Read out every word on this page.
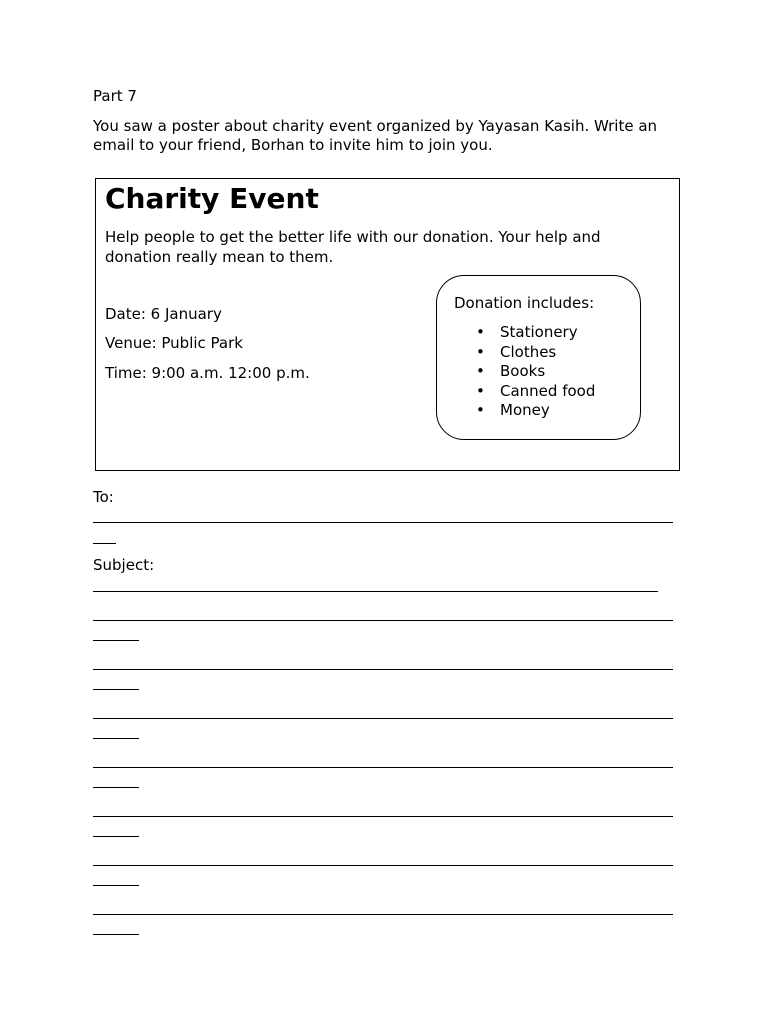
Part 7
You saw a poster about charity event organized by Yayasan Kasih. Write an email to your friend, Borhan to invite him to join you.
Charity Event
Help people to get the better life with our donation. Your help and donation really mean to them.
Date: 6 January
Venue: Public Park
Time: 9:00 a.m. 12:00 p.m.
Donation includes:
• Stationery
• Clothes
• Books
• Canned food
• Money
To:
Subject:
